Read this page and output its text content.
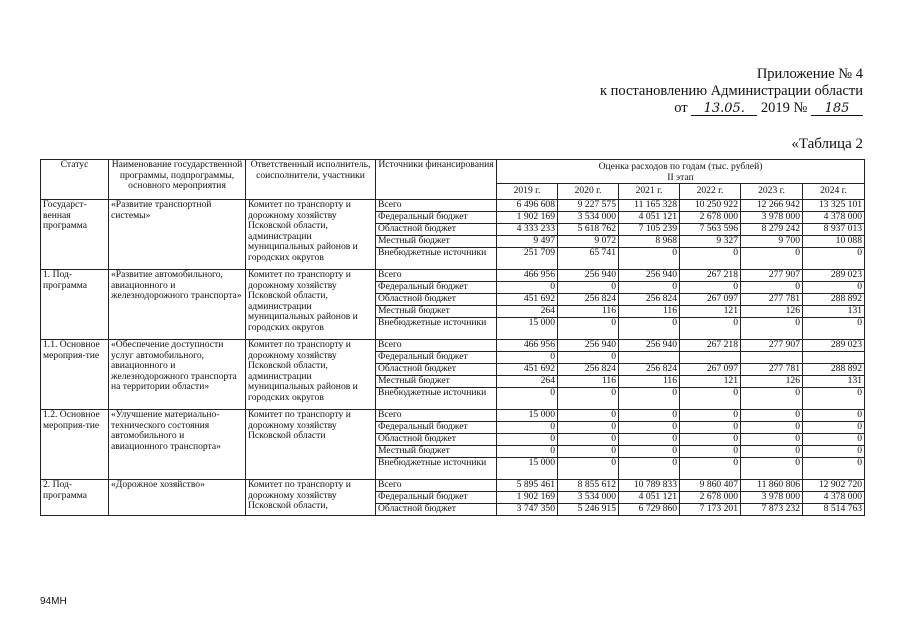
Приложение № 4
к постановлению Администрации области
от 13.05. 2019 № 185
«Таблица 2
Статус	Наименование государственной программы, подпрограммы, основного мероприятия	Ответственный исполнитель, соисполнители, участники	Источники финансирования	Оценка расходов по годам (тыс. рублей)					
				II этап					
				2019 г.	2020 г.	2021 г.	2022 г.	2023 г.	2024 г.
Государст-венная программа	«Развитие транспортной системы»	Комитет по транспорту и дорожному хозяйству Псковской области, администрации муниципальных районов и городских округов	Всего	6 496 608	9 227 575	11 165 328	10 250 922	12 266 942	13 325 101
			Федеральный бюджет	1 902 169	3 534 000	4 051 121	2 678 000	3 978 000	4 378 000
			Областной бюджет	4 333 233	5 618 762	7 105 239	7 563 596	8 279 242	8 937 013
			Местный бюджет	9 497	9 072	8 968	9 327	9 700	10 088
			Внебюджетные источники	251 709	65 741	0	0	0	0
1. Под-программа	«Развитие автомобильного, авиационного и железнодорожного транспорта»	Комитет по транспорту и дорожному хозяйству Псковской области, администрации муниципальных районов и городских округов	Всего	466 956	256 940	256 940	267 218	277 907	289 023
			Федеральный бюджет	0	0	0	0	0	0
			Областной бюджет	451 692	256 824	256 824	267 097	277 781	288 892
			Местный бюджет	264	116	116	121	126	131
			Внебюджетные источники	15 000	0	0	0	0	0
1.1. Основное мероприя-тие	«Обеспечение доступности услуг автомобильного, авиационного и железнодорожного транспорта на территории области»	Комитет по транспорту и дорожному хозяйству Псковской области, администрации муниципальных районов и городских округов	Всего	466 956	256 940	256 940	267 218	277 907	289 023
			Федеральный бюджет	0	0				
			Областной бюджет	451 692	256 824	256 824	267 097	277 781	288 892
			Местный бюджет	264	116	116	121	126	131
			Внебюджетные источники	0	0	0	0	0	0
1.2. Основное мероприя-тие	«Улучшение материально-технического состояния автомобильного и авиационного транспорта»	Комитет по транспорту и дорожному хозяйству Псковской области	Всего	15 000	0	0	0	0	0
			Федеральный бюджет	0	0	0	0	0	0
			Областной бюджет	0	0	0	0	0	0
			Местный бюджет	0	0	0	0	0	0
			Внебюджетные источники	15 000	0	0	0	0	0
2. Под-программа	«Дорожное хозяйство»	Комитет по транспорту и дорожному хозяйству Псковской области,	Всего	5 895 461	8 855 612	10 789 833	9 860 407	11 860 806	12 902 720
			Федеральный бюджет	1 902 169	3 534 000	4 051 121	2 678 000	3 978 000	4 378 000
			Областной бюджет	3 747 350	5 246 915	6 729 860	7 173 201	7 873 232	8 514 763
94МН
